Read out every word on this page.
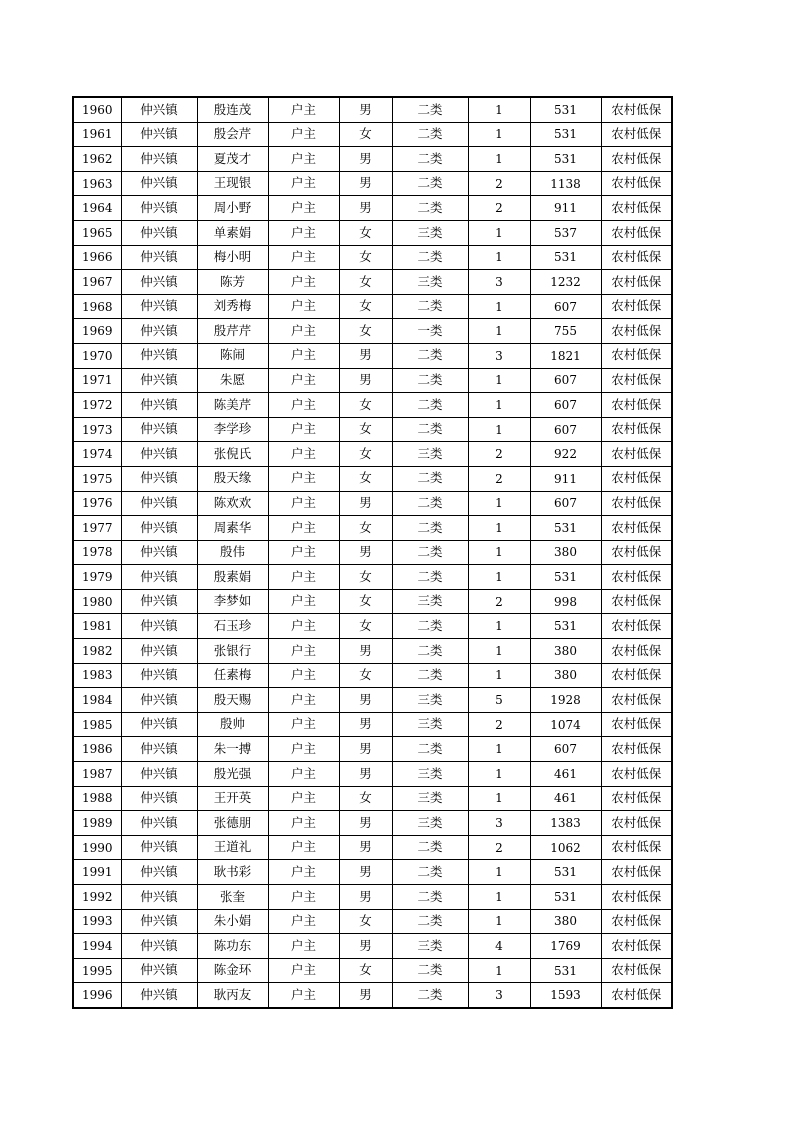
1960	仲兴镇	殷连茂	户主	男	二类	1	531	农村低保
1961	仲兴镇	殷会芹	户主	女	二类	1	531	农村低保
1962	仲兴镇	夏茂才	户主	男	二类	1	531	农村低保
1963	仲兴镇	王现银	户主	男	二类	2	1138	农村低保
1964	仲兴镇	周小野	户主	男	二类	2	911	农村低保
1965	仲兴镇	单素娟	户主	女	三类	1	537	农村低保
1966	仲兴镇	梅小明	户主	女	二类	1	531	农村低保
1967	仲兴镇	陈芳	户主	女	三类	3	1232	农村低保
1968	仲兴镇	刘秀梅	户主	女	二类	1	607	农村低保
1969	仲兴镇	殷芹芹	户主	女	一类	1	755	农村低保
1970	仲兴镇	陈闹	户主	男	二类	3	1821	农村低保
1971	仲兴镇	朱愿	户主	男	二类	1	607	农村低保
1972	仲兴镇	陈美芹	户主	女	二类	1	607	农村低保
1973	仲兴镇	李学珍	户主	女	二类	1	607	农村低保
1974	仲兴镇	张倪氏	户主	女	三类	2	922	农村低保
1975	仲兴镇	殷天缘	户主	女	二类	2	911	农村低保
1976	仲兴镇	陈欢欢	户主	男	二类	1	607	农村低保
1977	仲兴镇	周素华	户主	女	二类	1	531	农村低保
1978	仲兴镇	殷伟	户主	男	二类	1	380	农村低保
1979	仲兴镇	殷素娟	户主	女	二类	1	531	农村低保
1980	仲兴镇	李梦如	户主	女	三类	2	998	农村低保
1981	仲兴镇	石玉珍	户主	女	二类	1	531	农村低保
1982	仲兴镇	张银行	户主	男	二类	1	380	农村低保
1983	仲兴镇	任素梅	户主	女	二类	1	380	农村低保
1984	仲兴镇	殷天赐	户主	男	三类	5	1928	农村低保
1985	仲兴镇	殷帅	户主	男	三类	2	1074	农村低保
1986	仲兴镇	朱一搏	户主	男	二类	1	607	农村低保
1987	仲兴镇	殷光强	户主	男	三类	1	461	农村低保
1988	仲兴镇	王开英	户主	女	三类	1	461	农村低保
1989	仲兴镇	张德朋	户主	男	三类	3	1383	农村低保
1990	仲兴镇	王道礼	户主	男	二类	2	1062	农村低保
1991	仲兴镇	耿书彩	户主	男	二类	1	531	农村低保
1992	仲兴镇	张奎	户主	男	二类	1	531	农村低保
1993	仲兴镇	朱小娟	户主	女	二类	1	380	农村低保
1994	仲兴镇	陈功东	户主	男	三类	4	1769	农村低保
1995	仲兴镇	陈金环	户主	女	二类	1	531	农村低保
1996	仲兴镇	耿丙友	户主	男	二类	3	1593	农村低保
